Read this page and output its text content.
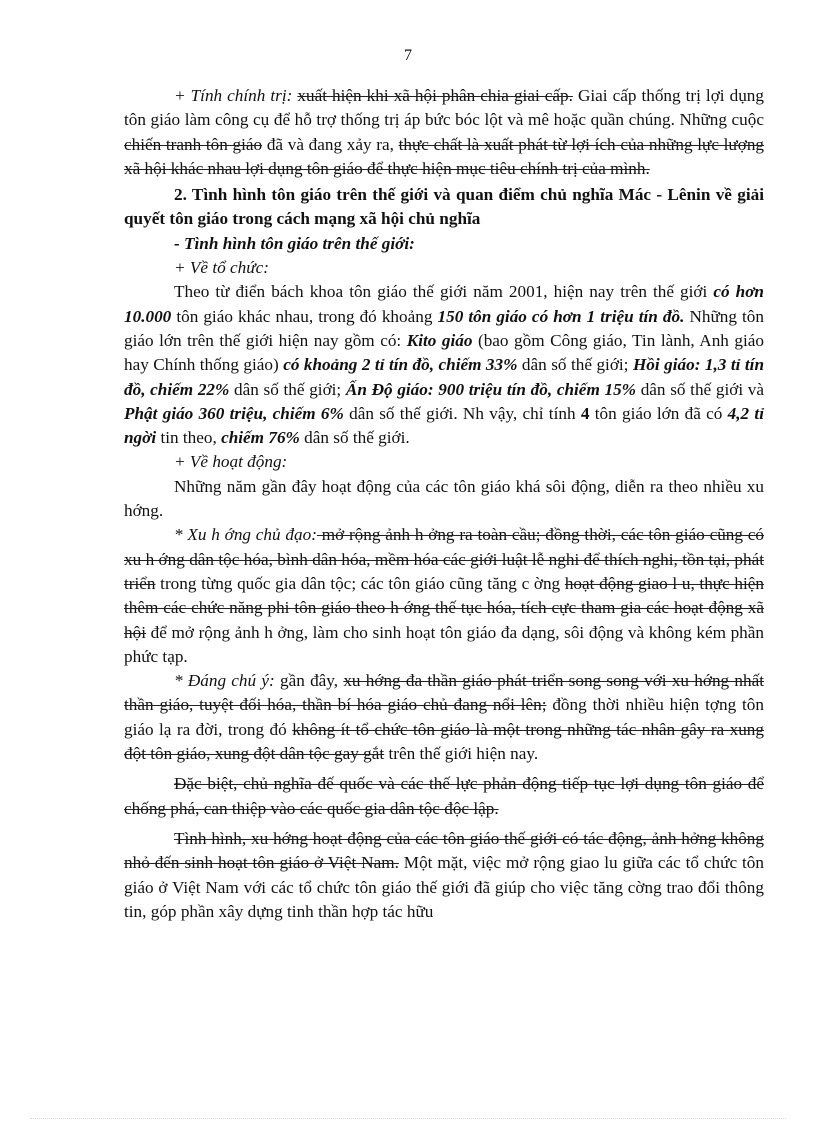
7

+ Tính chính trị: xuất hiện khi xã hội phân chia giai cấp. Giai cấp thống trị lợi dụng tôn giáo làm công cụ để hỗ trợ thống trị áp bức bóc lột và mê hoặc quần chúng. Những cuộc chiến tranh tôn giáo đã và đang xảy ra, thực chất là xuất phát từ lợi ích của những lực lượng xã hội khác nhau lợi dụng tôn giáo để thực hiện mục tiêu chính trị của mình.

2. Tình hình tôn giáo trên thế giới và quan điểm chủ nghĩa Mác - Lênin về giải quyết tôn giáo trong cách mạng xã hội chủ nghĩa

- Tình hình tôn giáo trên thế giới:

+ Về tổ chức:

Theo từ điển bách khoa tôn giáo thế giới năm 2001, hiện nay trên thế giới có hơn 10.000 tôn giáo khác nhau, trong đó khoảng 150 tôn giáo có hơn 1 triệu tín đồ. Những tôn giáo lớn trên thế giới hiện nay gồm có: Kito giáo (bao gồm Công giáo, Tin lành, Anh giáo hay Chính thống giáo) có khoảng 2 tỉ tín đồ, chiếm 33% dân số thế giới; Hồi giáo: 1,3 tỉ tín đồ, chiếm 22% dân số thế giới; Ấn Độ giáo: 900 triệu tín đồ, chiếm 15% dân số thế giới và Phật giáo 360 triệu, chiếm 6% dân số thế giới. Nh vậy, chỉ tính 4 tôn giáo lớn đã có 4,2 tỉ ngời tin theo, chiếm 76% dân số thế giới.

+ Về hoạt động:

Những năm gần đây hoạt động của các tôn giáo khá sôi động, diễn ra theo nhiều xu hớng.

* Xu h ớng chủ đạo: mở rộng ảnh h ởng ra toàn cầu; đồng thời, các tôn giáo cũng có xu h ớng dân tộc hóa, bình dân hóa, mềm hóa các giới luật lễ nghi để thích nghi, tồn tại, phát triển trong từng quốc gia dân tộc; các tôn giáo cũng tăng c ờng hoạt động giao l u, thực hiện thêm các chức năng phi tôn giáo theo h ớng thế tục hóa, tích cực tham gia các hoạt động xã hội để mở rộng ảnh h ởng, làm cho sinh hoạt tôn giáo đa dạng, sôi động và không kém phần phức tạp.

* Đáng chú ý: gần đây, xu hớng đa thần giáo phát triển song song với xu hớng nhất thần giáo, tuyệt đối hóa, thần bí hóa giáo chủ đang nổi lên; đồng thời nhiều hiện tợng tôn giáo lạ ra đời, trong đó không ít tổ chức tôn giáo là một trong những tác nhân gây ra xung đột tôn giáo, xung đột dân tộc gay gắt trên thế giới hiện nay.

Đặc biệt, chủ nghĩa đế quốc và các thế lực phản động tiếp tục lợi dụng tôn giáo để chống phá, can thiệp vào các quốc gia dân tộc độc lập.

Tình hình, xu hớng hoạt động của các tôn giáo thế giới có tác động, ảnh hởng không nhỏ đến sinh hoạt tôn giáo ở Việt Nam. Một mặt, việc mở rộng giao lu giữa các tổ chức tôn giáo ở Việt Nam với các tổ chức tôn giáo thế giới đã giúp cho việc tăng cờng trao đổi thông tin, góp phần xây dựng tinh thần hợp tác hữu
